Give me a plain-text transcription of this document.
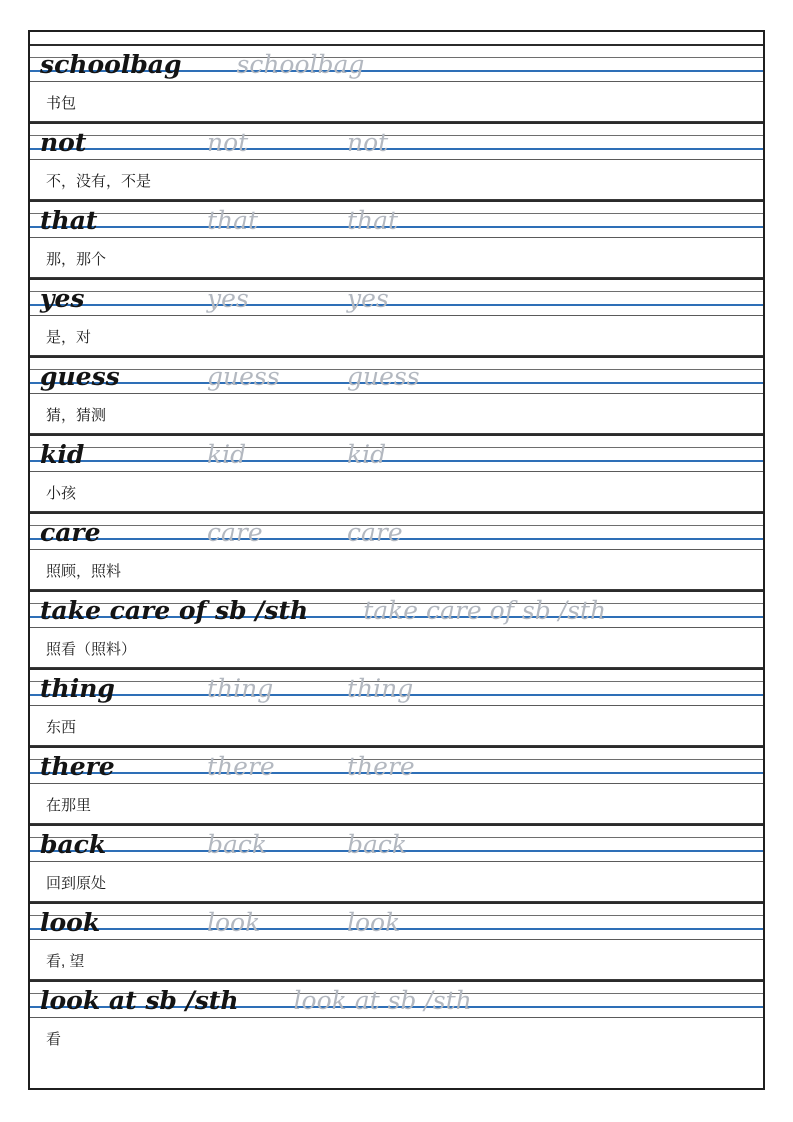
schoolbag schoolbag
书包
not	not	not
不，没有，不是
that	that	that
那，那个
yes	yes	yes
是，对
guess	guess	guess
猜，猜测
kid	kid	kid
小孩
care	care	care
照顾，照料
take care of sb /sth take care of sb /sth
照看（照料）
thing	thing	thing
东西
there	there	there
在那里
back	back	back
回到原处
look	look	look
看, 望
look at sb /sth look at sb /sth
看
